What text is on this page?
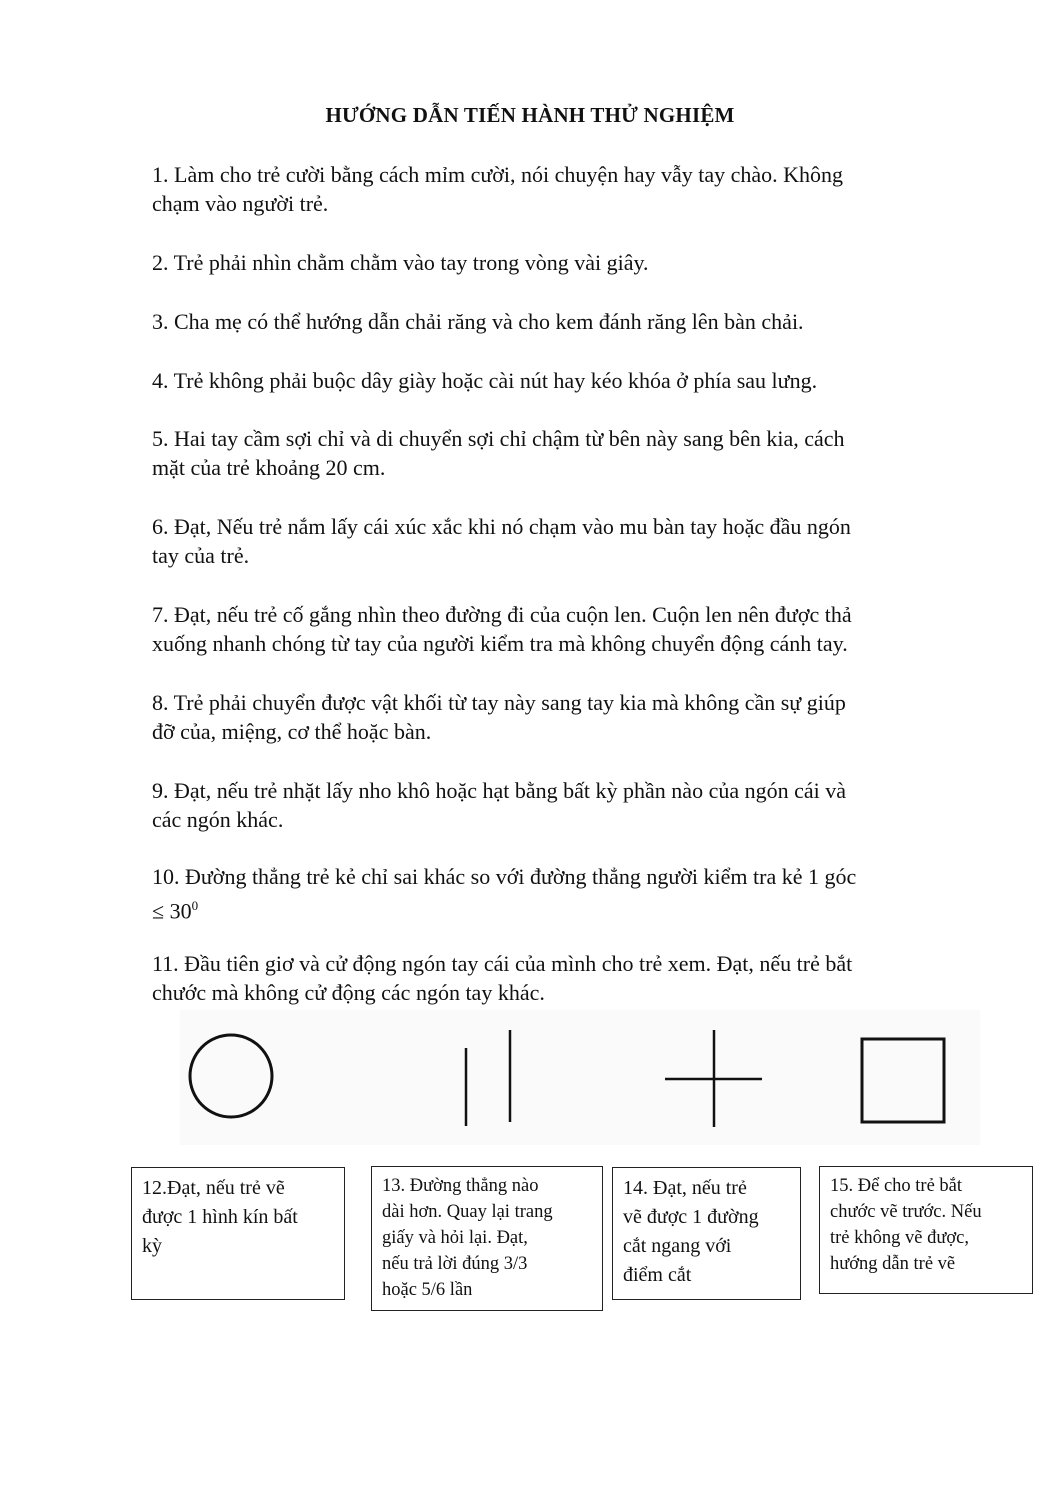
HƯỚNG DẪN TIẾN HÀNH THỬ NGHIỆM
1. Làm cho trẻ cười bằng cách mỉm cười, nói chuyện hay vẫy tay chào. Không
chạm vào người trẻ.
2. Trẻ phải nhìn chằm chằm vào tay trong vòng vài giây.
3. Cha mẹ có thể hướng dẫn chải răng và cho kem đánh răng lên bàn chải.
4. Trẻ không phải buộc dây giày hoặc cài nút hay kéo khóa ở phía sau lưng.
5. Hai tay cầm sợi chỉ và di chuyển sợi chỉ chậm từ bên này sang bên kia, cách
mặt của trẻ khoảng 20 cm.
6. Đạt, Nếu trẻ nắm lấy cái xúc xắc khi nó chạm vào mu bàn tay hoặc đầu ngón
tay của trẻ.
7. Đạt, nếu trẻ cố gắng nhìn theo đường đi của cuộn len. Cuộn len nên được thả
xuống nhanh chóng từ tay của người kiểm tra mà không chuyển động cánh tay.
8. Trẻ phải chuyển được vật khối từ tay này sang tay kia mà không cần sự giúp
đỡ của, miệng, cơ thể hoặc bàn.
9. Đạt, nếu trẻ nhặt lấy nho khô hoặc hạt bằng bất kỳ phần nào của ngón cái và
các ngón khác.
10. Đường thẳng trẻ kẻ chỉ sai khác so với đường thẳng người kiểm tra kẻ 1 góc
≤ $30^0$
11. Đầu tiên giơ và cử động ngón tay cái của mình cho trẻ xem. Đạt, nếu trẻ bắt
chước mà không cử động các ngón tay khác.
12.Đạt, nếu trẻ vẽ
được 1 hình kín bất
kỳ
13. Đường thẳng nào
dài hơn. Quay lại trang
giấy và hỏi lại. Đạt,
nếu trả lời đúng 3/3
hoặc 5/6 lần
14. Đạt, nếu trẻ
vẽ được 1 đường
cắt ngang với
điểm cắt
15. Để cho trẻ bắt
chước vẽ trước. Nếu
trẻ không vẽ được,
hướng dẫn trẻ vẽ
